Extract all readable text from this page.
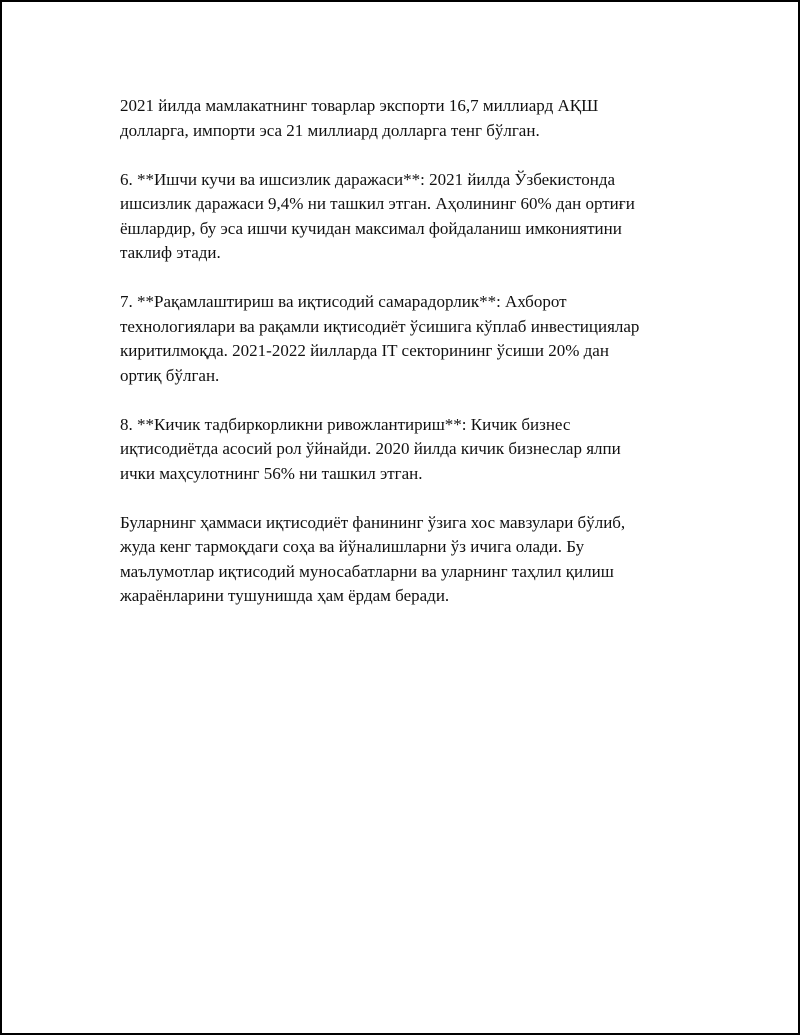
2021 йилда мамлакатнинг товарлар экспорти 16,7 миллиард АҚШ
долларга, импорти эса 21 миллиард долларга тенг бўлган.

6. **Ишчи кучи ва ишсизлик даражаси**: 2021 йилда Ўзбекистонда
ишсизлик даражаси 9,4% ни ташкил этган. Аҳолининг 60% дан ортиғи
ёшлардир, бу эса ишчи кучидан максимал фойдаланиш имкониятини
таклиф этади.

7. **Рақамлаштириш ва иқтисодий самарадорлик**: Ахборот
технологиялари ва рақамли иқтисодиёт ўсишига кўплаб инвестициялар
киритилмоқда. 2021-2022 йилларда IT секторининг ўсиши 20% дан
ортиқ бўлган.

8. **Кичик тадбиркорликни ривожлантириш**: Кичик бизнес
иқтисодиётда асосий рол ўйнайди. 2020 йилда кичик бизнеслар ялпи
ички маҳсулотнинг 56% ни ташкил этган.

Буларнинг ҳаммаси иқтисодиёт фанининг ўзига хос мавзулари бўлиб,
жуда кенг тармоқдаги соҳа ва йўналишларни ўз ичига олади. Бу
маълумотлар иқтисодий муносабатларни ва уларнинг таҳлил қилиш
жараёнларини тушунишда ҳам ёрдам беради.
